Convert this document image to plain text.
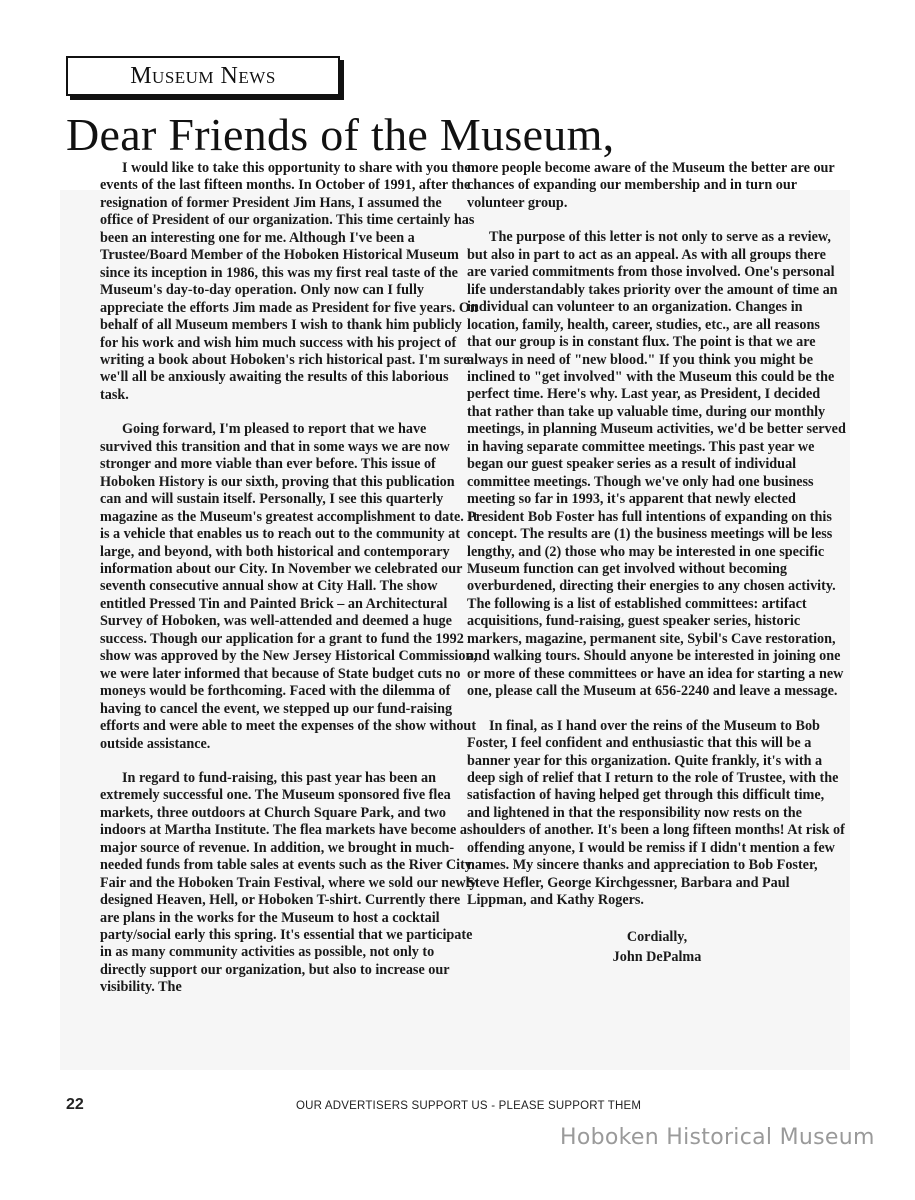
Museum News
Dear Friends of the Museum,

I would like to take this opportunity to share with you the events of the last fifteen months. In October of 1991, after the resignation of former President Jim Hans, I assumed the office of President of our organization. This time certainly has been an interesting one for me. Although I've been a Trustee/Board Member of the Hoboken Historical Museum since its inception in 1986, this was my first real taste of the Museum's day-to-day operation. Only now can I fully appreciate the efforts Jim made as President for five years. On behalf of all Museum members I wish to thank him publicly for his work and wish him much success with his project of writing a book about Hoboken's rich historical past. I'm sure we'll all be anxiously awaiting the results of this laborious task.

Going forward, I'm pleased to report that we have survived this transition and that in some ways we are now stronger and more viable than ever before. This issue of Hoboken History is our sixth, proving that this publication can and will sustain itself. Personally, I see this quarterly magazine as the Museum's greatest accomplishment to date. It is a vehicle that enables us to reach out to the community at large, and beyond, with both historical and contemporary information about our City. In November we celebrated our seventh consecutive annual show at City Hall. The show entitled Pressed Tin and Painted Brick – an Architectural Survey of Hoboken, was well-attended and deemed a huge success. Though our application for a grant to fund the 1992 show was approved by the New Jersey Historical Commission, we were later informed that because of State budget cuts no moneys would be forthcoming. Faced with the dilemma of having to cancel the event, we stepped up our fund-raising efforts and were able to meet the expenses of the show without outside assistance.

In regard to fund-raising, this past year has been an extremely successful one. The Museum sponsored five flea markets, three outdoors at Church Square Park, and two indoors at Martha Institute. The flea markets have become a major source of revenue. In addition, we brought in much-needed funds from table sales at events such as the River City Fair and the Hoboken Train Festival, where we sold our newly designed Heaven, Hell, or Hoboken T-shirt. Currently there are plans in the works for the Museum to host a cocktail party/social early this spring. It's essential that we participate in as many community activities as possible, not only to directly support our organization, but also to increase our visibility. The

more people become aware of the Museum the better are our chances of expanding our membership and in turn our volunteer group.

The purpose of this letter is not only to serve as a review, but also in part to act as an appeal. As with all groups there are varied commitments from those involved. One's personal life understandably takes priority over the amount of time an individual can volunteer to an organization. Changes in location, family, health, career, studies, etc., are all reasons that our group is in constant flux. The point is that we are always in need of "new blood." If you think you might be inclined to "get involved" with the Museum this could be the perfect time. Here's why. Last year, as President, I decided that rather than take up valuable time, during our monthly meetings, in planning Museum activities, we'd be better served in having separate committee meetings. This past year we began our guest speaker series as a result of individual committee meetings. Though we've only had one business meeting so far in 1993, it's apparent that newly elected President Bob Foster has full intentions of expanding on this concept. The results are (1) the business meetings will be less lengthy, and (2) those who may be interested in one specific Museum function can get involved without becoming overburdened, directing their energies to any chosen activity. The following is a list of established committees: artifact acquisitions, fund-raising, guest speaker series, historic markers, magazine, permanent site, Sybil's Cave restoration, and walking tours. Should anyone be interested in joining one or more of these committees or have an idea for starting a new one, please call the Museum at 656-2240 and leave a message.

In final, as I hand over the reins of the Museum to Bob Foster, I feel confident and enthusiastic that this will be a banner year for this organization. Quite frankly, it's with a deep sigh of relief that I return to the role of Trustee, with the satisfaction of having helped get through this difficult time, and lightened in that the responsibility now rests on the shoulders of another. It's been a long fifteen months! At risk of offending anyone, I would be remiss if I didn't mention a few names. My sincere thanks and appreciation to Bob Foster, Steve Hefler, George Kirchgessner, Barbara and Paul Lippman, and Kathy Rogers.

Cordially,
John DePalma
22	OUR ADVERTISERS SUPPORT US - PLEASE SUPPORT THEM
Hoboken Historical Museum
